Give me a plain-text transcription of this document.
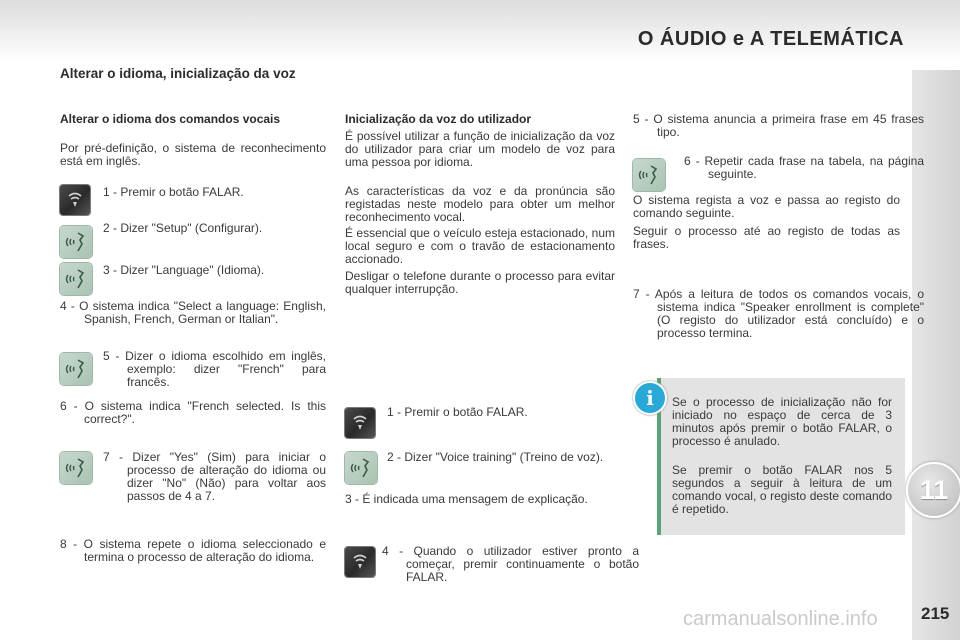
O ÁUDIO e A TELEMÁTICA
11
215
carmanualsonline.info
Alterar o idioma, inicialização da voz
Alterar o idioma dos comandos vocais

Por pré-definição, o sistema de reconhecimento está em inglês.

1 - Premir o botão FALAR.
2 - Dizer "Setup" (Configurar).
3 - Dizer "Language" (Idioma).
4 - O sistema indica "Select a language: English, Spanish, French, German or Italian".
5 - Dizer o idioma escolhido em inglês, exemplo: dizer "French" para francês.
6 - O sistema indica "French selected. Is this correct?".
7 - Dizer "Yes" (Sim) para iniciar o processo de alteração do idioma ou dizer "No" (Não) para voltar aos passos de 4 a 7.
8 - O sistema repete o idioma seleccionado e termina o processo de alteração do idioma.
Inicialização da voz do utilizador

É possível utilizar a função de inicialização da voz do utilizador para criar um modelo de voz para uma pessoa por idioma.

As características da voz e da pronúncia são registadas neste modelo para obter um melhor reconhecimento vocal.

É essencial que o veículo esteja estacionado, num local seguro e com o travão de estacionamento accionado.

Desligar o telefone durante o processo para evitar qualquer interrupção.

1 - Premir o botão FALAR.
2 - Dizer "Voice training" (Treino de voz).
3 - É indicada uma mensagem de explicação.
4 - Quando o utilizador estiver pronto a começar, premir continuamente o botão FALAR.
5 - O sistema anuncia a primeira frase em 45 frases tipo.
6 - Repetir cada frase na tabela, na página seguinte.

O sistema regista a voz e passa ao registo do comando seguinte.

Seguir o processo até ao registo de todas as frases.

7 - Após a leitura de todos os comandos vocais, o sistema indica "Speaker enrollment is complete" (O registo do utilizador está concluído) e o processo termina.
i	Se o processo de inicialização não for iniciado no espaço de cerca de 3 minutos após premir o botão FALAR, o processo é anulado.

Se premir o botão FALAR nos 5 segundos a seguir à leitura de um comando vocal, o registo deste comando é repetido.
